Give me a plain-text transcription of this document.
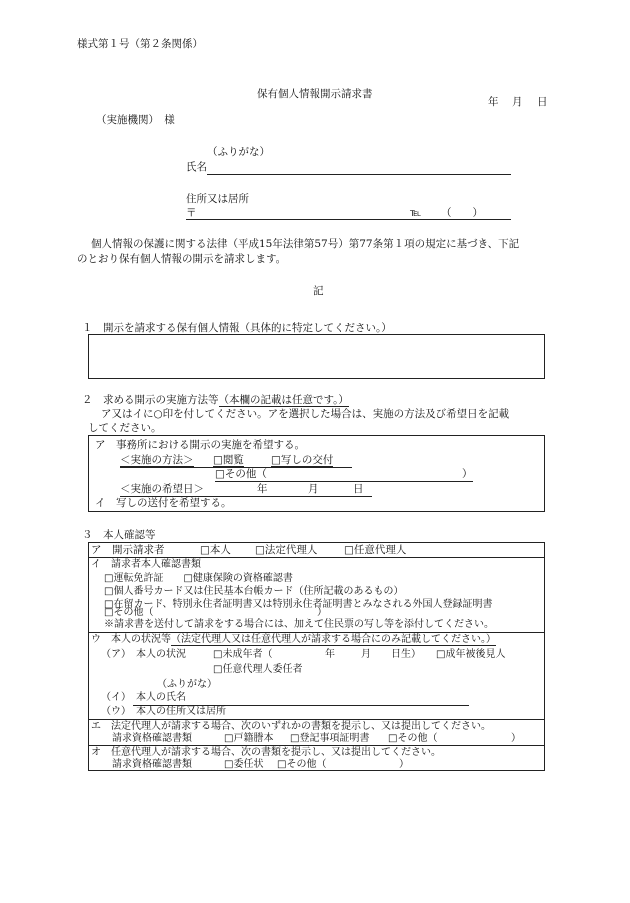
様式第１号（第２条関係）
保有個人情報開示請求書
年 月 日
（実施機関）　様
（ふりがな）
氏名
住所又は居所
〒	℡ （　　）
個人情報の保護に関する法律（平成15年法律第57号）第77条第１項の規定に基づき、下記
のとおり保有個人情報の開示を請求します。
記
１　開示を請求する保有個人情報（具体的に特定してください。）
２　求める開示の実施方法等（本欄の記載は任意です。）
ア又はイに○印を付してください。アを選択した場合は、実施の方法及び希望日を記載
してください。
ア　事務所における開示の実施を希望する。
＜実施の方法＞ □閲覧	□写しの交付
□その他（	）
＜実施の希望日＞	年	月	日
イ　写しの送付を希望する。
３　本人確認等
ア　開示請求者	□本人 □法定代理人	□任意代理人
イ　請求者本人確認書類
□運転免許証　　□健康保険の資格確認書
□個人番号カード又は住民基本台帳カード（住所記載のあるもの）
□在留カード、特別永住者証明書又は特別永住者証明書とみなされる外国人登録証明書
□その他（	）
※請求書を送付して請求をする場合には、加えて住民票の写し等を添付してください。
ウ　本人の状況等（法定代理人又は任意代理人が請求する場合にのみ記載してください。）
（ア）　本人の状況	□未成年者（	年	月 日生） □成年被後見人
□任意代理人委任者
（ふりがな）
（イ）　本人の氏名
（ウ）　本人の住所又は居所
エ　法定代理人が請求する場合、次のいずれかの書類を提示し、又は提出してください。
請求資格確認書類	□戸籍謄本 □登記事項証明書 □その他（	）
オ　任意代理人が請求する場合、次の書類を提示し、又は提出してください。
請求資格確認書類	□委任状 □その他（	）
